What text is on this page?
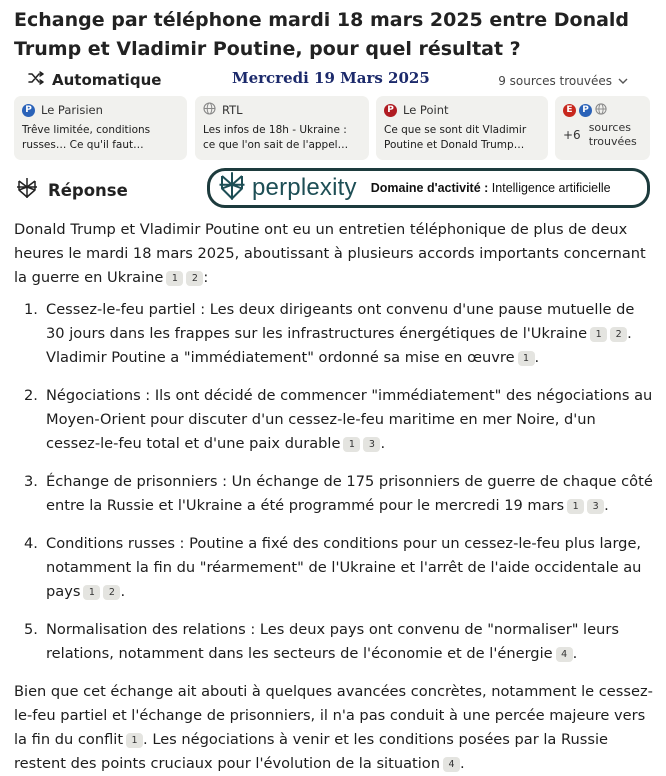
Echange par téléphone mardi 18 mars 2025 entre Donald Trump et Vladimir Poutine, pour quel résultat ?
Automatique	Mercredi 19 Mars 2025	9 sources trouvées
P Le Parisien
Trêve limitée, conditions russes… Ce qu'il faut…
RTL
Les infos de 18h - Ukraine : ce que l'on sait de l'appel…
P Le Point
Ce que se sont dit Vladimir Poutine et Donald Trump…
E	P
+6
sources trouvées
Réponse	perplexity Domaine d'activité : Intelligence artificielle

Donald Trump et Vladimir Poutine ont eu un entretien téléphonique de plus de deux heures le mardi 18 mars 2025, aboutissant à plusieurs accords importants concernant la guerre en Ukraine 1 2 :

1. Cessez-le-feu partiel : Les deux dirigeants ont convenu d'une pause mutuelle de 30 jours dans les frappes sur les infrastructures énergétiques de l'Ukraine 1 2 . Vladimir Poutine a "immédiatement" ordonné sa mise en œuvre 1 .
2. Négociations : Ils ont décidé de commencer "immédiatement" des négociations au Moyen-Orient pour discuter d'un cessez-le-feu maritime en mer Noire, d'un cessez-le-feu total et d'une paix durable 1 3 .
3. Échange de prisonniers : Un échange de 175 prisonniers de guerre de chaque côté entre la Russie et l'Ukraine a été programmé pour le mercredi 19 mars 1 3 .
4. Conditions russes : Poutine a fixé des conditions pour un cessez-le-feu plus large, notamment la fin du "réarmement" de l'Ukraine et l'arrêt de l'aide occidentale au pays 1 2 .
5. Normalisation des relations : Les deux pays ont convenu de "normaliser" leurs relations, notamment dans les secteurs de l'économie et de l'énergie 4 .

Bien que cet échange ait abouti à quelques avancées concrètes, notamment le cessez-le-feu partiel et l'échange de prisonniers, il n'a pas conduit à une percée majeure vers la fin du conflit 1 . Les négociations à venir et les conditions posées par la Russie restent des points cruciaux pour l'évolution de la situation 4 .
